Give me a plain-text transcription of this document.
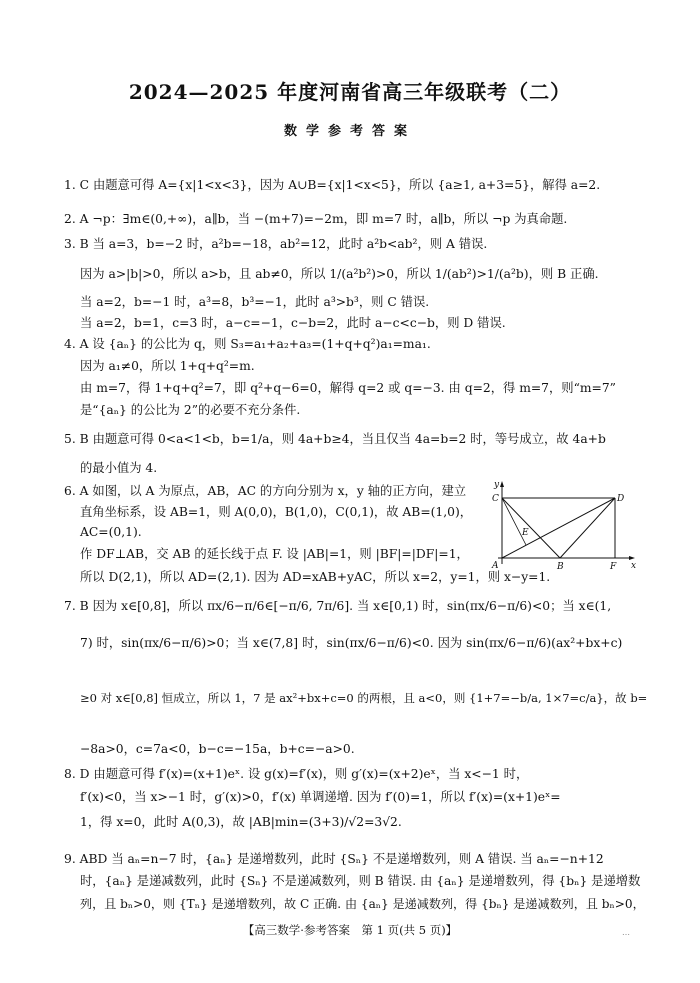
2024—2025 年度河南省高三年级联考（二）
数学参考答案
1. C 由题意可得 A={x|1<x<3}，因为 A∪B={x|1<x<5}，所以 {a≥1, a+3=5}，解得 a=2.
2. A ¬p：∃m∈(0,+∞)，a∥b，当 −(m+7)=−2m，即 m=7 时，a∥b，所以 ¬p 为真命题.
3. B 当 a=3，b=−2 时，a²b=−18，ab²=12，此时 a²b<ab²，则 A 错误.
因为 a>|b|>0，所以 a>b，且 ab≠0，所以 1/(a²b²)>0，所以 1/(ab²)>1/(a²b)，则 B 正确.
当 a=2，b=−1 时，a³=8，b³=−1，此时 a³>b³，则 C 错误.
当 a=2，b=1，c=3 时，a−c=−1，c−b=2，此时 a−c<c−b，则 D 错误.
4. A 设 {aₙ} 的公比为 q，则 S₃=a₁+a₂+a₃=(1+q+q²)a₁=ma₁.
因为 a₁≠0，所以 1+q+q²=m.
由 m=7，得 1+q+q²=7，即 q²+q−6=0，解得 q=2 或 q=−3. 由 q=2，得 m=7，则“m=7”
是“{aₙ} 的公比为 2”的必要不充分条件.
5. B 由题意可得 0<a<1<b，b=1/a，则 4a+b≥4，当且仅当 4a=b=2 时，等号成立，故 4a+b
的最小值为 4.
6. A 如图，以 A 为原点，AB，AC 的方向分别为 x，y 轴的正方向，建立
直角坐标系，设 AB=1，则 A(0,0)，B(1,0)，C(0,1)，故 AB=(1,0)，
AC=(0,1).
作 DF⊥AB，交 AB 的延长线于点 F. 设 |AB|=1，则 |BF|=|DF|=1，
所以 D(2,1)，所以 AD=(2,1). 因为 AD=xAB+yAC，所以 x=2，y=1，则 x−y=1.
y
C	D
E
A	B	F x
7. B 因为 x∈[0,8]，所以 πx/6−π/6∈[−π/6, 7π/6]. 当 x∈[0,1) 时，sin(πx/6−π/6)<0；当 x∈(1,
7) 时，sin(πx/6−π/6)>0；当 x∈(7,8] 时，sin(πx/6−π/6)<0. 因为 sin(πx/6−π/6)(ax²+bx+c)
≥0 对 x∈[0,8] 恒成立，所以 1，7 是 ax²+bx+c=0 的两根，且 a<0，则 {1+7=−b/a, 1×7=c/a}，故 b=
−8a>0，c=7a<0，b−c=−15a，b+c=−a>0.
8. D 由题意可得 f′(x)=(x+1)eˣ. 设 g(x)=f′(x)，则 g′(x)=(x+2)eˣ，当 x<−1 时，
f′(x)<0，当 x>−1 时，g′(x)>0，f′(x) 单调递增. 因为 f′(0)=1，所以 f′(x)=(x+1)eˣ=
1，得 x=0，此时 A(0,3)，故 |AB|min=(3+3)/√2=3√2.
9. ABD 当 aₙ=n−7 时，{aₙ} 是递增数列，此时 {Sₙ} 不是递增数列，则 A 错误. 当 aₙ=−n+12
时，{aₙ} 是递减数列，此时 {Sₙ} 不是递减数列，则 B 错误. 由 {aₙ} 是递增数列，得 {bₙ} 是递增数
列，且 bₙ>0，则 {Tₙ} 是递增数列，故 C 正确. 由 {aₙ} 是递减数列，得 {bₙ} 是递减数列，且 bₙ>0，
【高三数学·参考答案　第 1 页(共 5 页)】	…
